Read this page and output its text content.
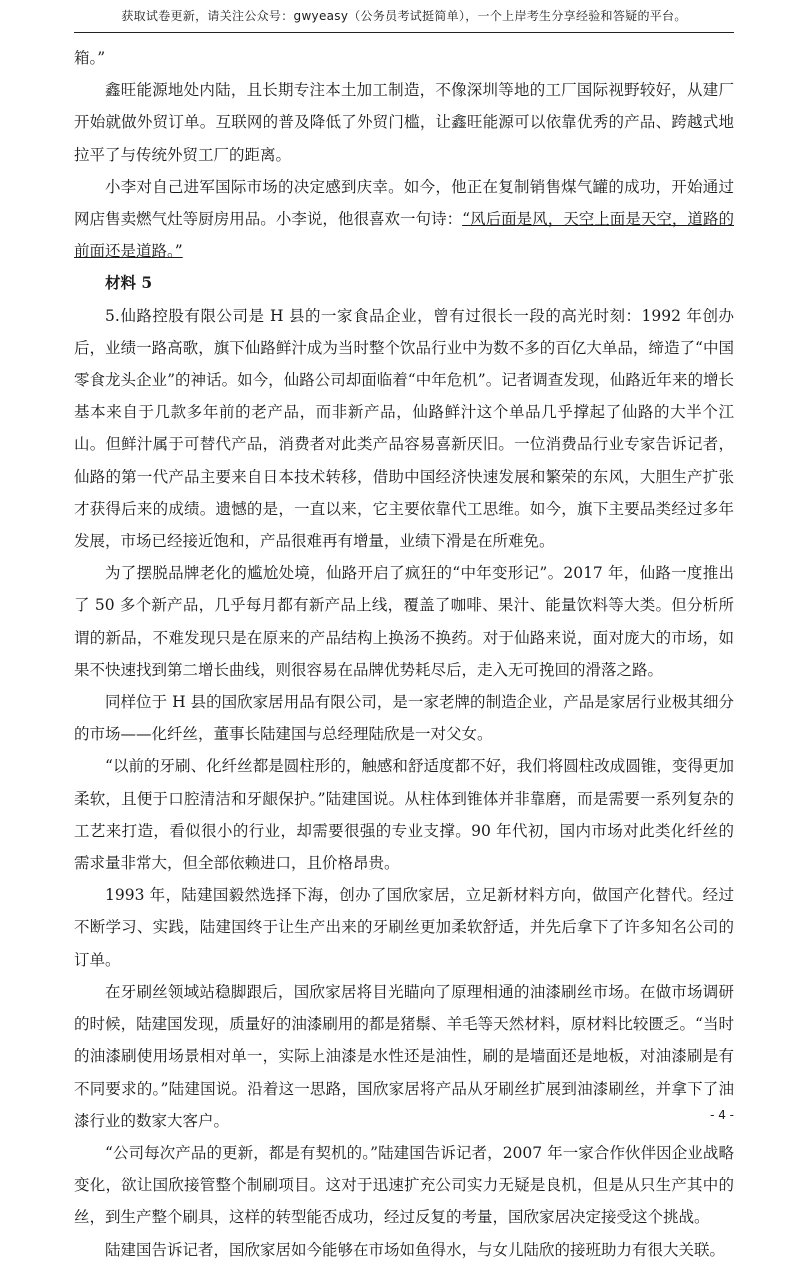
获取试卷更新，请关注公众号：gwyeasy（公务员考试挺简单），一个上岸考生分享经验和答疑的平台。

箱。”

鑫旺能源地处内陆，且长期专注本土加工制造，不像深圳等地的工厂国际视野较好，从建厂开始就做外贸订单。互联网的普及降低了外贸门槛，让鑫旺能源可以依靠优秀的产品、跨越式地拉平了与传统外贸工厂的距离。

小李对自己进军国际市场的决定感到庆幸。如今，他正在复制销售煤气罐的成功，开始通过网店售卖燃气灶等厨房用品。小李说，他很喜欢一句诗：“风后面是风，天空上面是天空，道路的前面还是道路。”

材料 5

5.仙路控股有限公司是 H 县的一家食品企业，曾有过很长一段的高光时刻：1992 年创办后，业绩一路高歌，旗下仙路鲜汁成为当时整个饮品行业中为数不多的百亿大单品，缔造了“中国零食龙头企业”的神话。如今，仙路公司却面临着“中年危机”。记者调查发现，仙路近年来的增长基本来自于几款多年前的老产品，而非新产品，仙路鲜汁这个单品几乎撑起了仙路的大半个江山。但鲜汁属于可替代产品，消费者对此类产品容易喜新厌旧。一位消费品行业专家告诉记者，仙路的第一代产品主要来自日本技术转移，借助中国经济快速发展和繁荣的东风，大胆生产扩张才获得后来的成绩。遗憾的是，一直以来，它主要依靠代工思维。如今，旗下主要品类经过多年发展，市场已经接近饱和，产品很难再有增量，业绩下滑是在所难免。

为了摆脱品牌老化的尴尬处境，仙路开启了疯狂的“中年变形记”。2017 年，仙路一度推出了 50 多个新产品，几乎每月都有新产品上线，覆盖了咖啡、果汁、能量饮料等大类。但分析所谓的新品，不难发现只是在原来的产品结构上换汤不换药。对于仙路来说，面对庞大的市场，如果不快速找到第二增长曲线，则很容易在品牌优势耗尽后，走入无可挽回的滑落之路。

同样位于 H 县的国欣家居用品有限公司，是一家老牌的制造企业，产品是家居行业极其细分的市场——化纤丝，董事长陆建国与总经理陆欣是一对父女。

“以前的牙刷、化纤丝都是圆柱形的，触感和舒适度都不好，我们将圆柱改成圆锥，变得更加柔软，且便于口腔清洁和牙龈保护。”陆建国说。从柱体到锥体并非靠磨，而是需要一系列复杂的工艺来打造，看似很小的行业，却需要很强的专业支撑。90 年代初，国内市场对此类化纤丝的需求量非常大，但全部依赖进口，且价格昂贵。

1993 年，陆建国毅然选择下海，创办了国欣家居，立足新材料方向，做国产化替代。经过不断学习、实践，陆建国终于让生产出来的牙刷丝更加柔软舒适，并先后拿下了许多知名公司的订单。

在牙刷丝领域站稳脚跟后，国欣家居将目光瞄向了原理相通的油漆刷丝市场。在做市场调研的时候，陆建国发现，质量好的油漆刷用的都是猪鬃、羊毛等天然材料，原材料比较匮乏。“当时的油漆刷使用场景相对单一，实际上油漆是水性还是油性，刷的是墙面还是地板，对油漆刷是有不同要求的。”陆建国说。沿着这一思路，国欣家居将产品从牙刷丝扩展到油漆刷丝，并拿下了油漆行业的数家大客户。

“公司每次产品的更新，都是有契机的。”陆建国告诉记者，2007 年一家合作伙伴因企业战略变化，欲让国欣接管整个制刷项目。这对于迅速扩充公司实力无疑是良机，但是从只生产其中的丝，到生产整个刷具，这样的转型能否成功，经过反复的考量，国欣家居决定接受这个挑战。

陆建国告诉记者，国欣家居如今能够在市场如鱼得水，与女儿陆欣的接班助力有很大关联。

- 4 -
